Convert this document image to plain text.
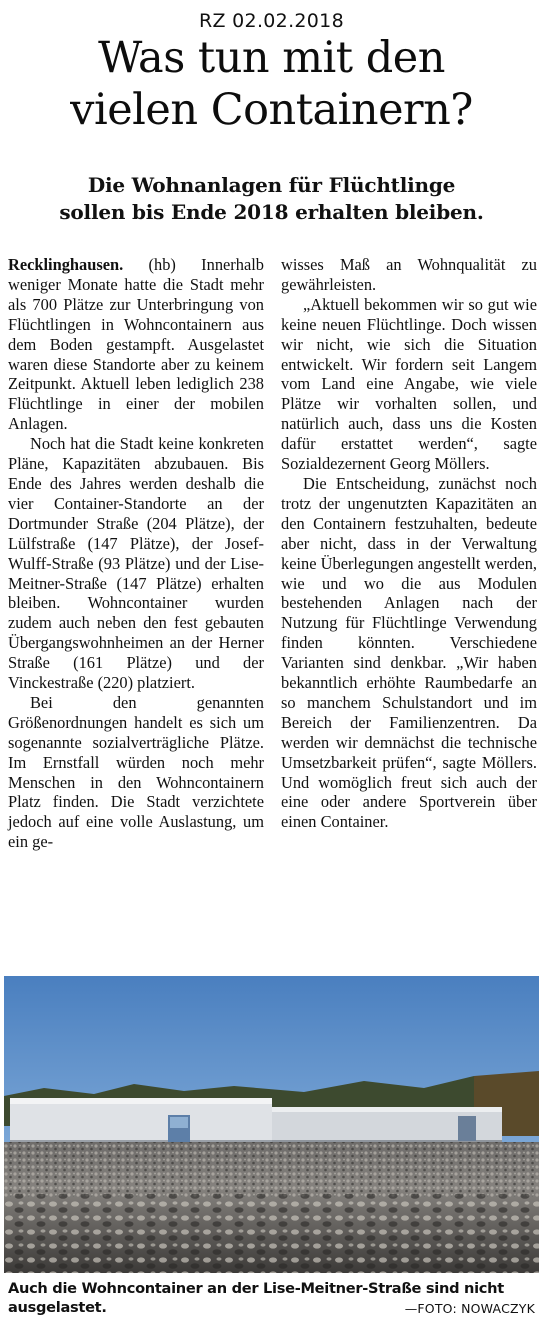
RZ 02.02.2018
Was tun mit den
vielen Containern?
Die Wohnanlagen für Flüchtlinge
sollen bis Ende 2018 erhalten bleiben.

Recklinghausen. (hb) Innerhalb weniger Monate hatte die Stadt mehr als 700 Plätze zur Unterbringung von Flüchtlingen in Wohncontainern aus dem Boden gestampft. Ausgelastet waren diese Standorte aber zu keinem Zeitpunkt. Aktuell leben lediglich 238 Flüchtlinge in einer der mobilen Anlagen.

Noch hat die Stadt keine konkreten Pläne, Kapazitäten abzubauen. Bis Ende des Jahres werden deshalb die vier Container-Standorte an der Dortmunder Straße (204 Plätze), der Lülfstraße (147 Plätze), der Josef-Wulff-Straße (93 Plätze) und der Lise-Meitner-Straße (147 Plätze) erhalten bleiben. Wohncontainer wurden zudem auch neben den fest gebauten Übergangswohnheimen an der Herner Straße (161 Plätze) und der Vinckestraße (220) platziert.

Bei den genannten Größenordnungen handelt es sich um sogenannte sozialverträgliche Plätze. Im Ernstfall würden noch mehr Menschen in den Wohncontainern Platz finden. Die Stadt verzichtete jedoch auf eine volle Auslastung, um ein ge-

wisses Maß an Wohnqualität zu gewährleisten.

„Aktuell bekommen wir so gut wie keine neuen Flüchtlinge. Doch wissen wir nicht, wie sich die Situation entwickelt. Wir fordern seit Langem vom Land eine Angabe, wie viele Plätze wir vorhalten sollen, und natürlich auch, dass uns die Kosten dafür erstattet werden“, sagte Sozialdezernent Georg Möllers.

Die Entscheidung, zunächst noch trotz der ungenutzten Kapazitäten an den Containern festzuhalten, bedeute aber nicht, dass in der Verwaltung keine Überlegungen angestellt werden, wie und wo die aus Modulen bestehenden Anlagen nach der Nutzung für Flüchtlinge Verwendung finden könnten. Verschiedene Varianten sind denkbar. „Wir haben bekanntlich erhöhte Raumbedarfe an so manchem Schulstandort und im Bereich der Familienzentren. Da werden wir demnächst die technische Umsetzbarkeit prüfen“, sagte Möllers. Und womöglich freut sich auch der eine oder andere Sportverein über einen Container.

Auch die Wohncontainer an der Lise-Meitner-Straße sind nicht ausgelastet.	—FOTO: NOWACZYK
